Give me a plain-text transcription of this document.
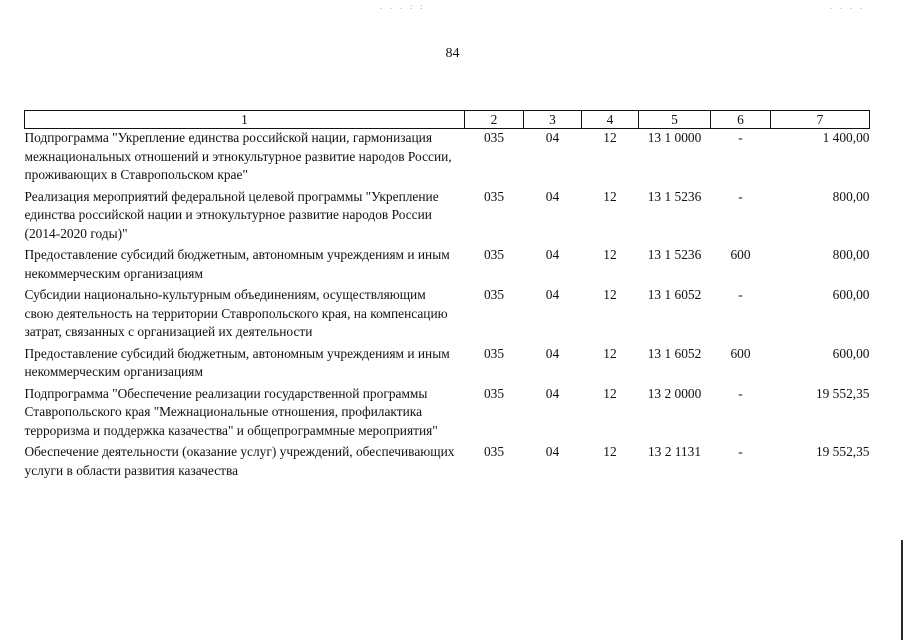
. . . : :	. . . .
84
1	2	3	4	5	6	7
Подпрограмма "Укрепление единства российской нации, гармонизация межнациональных отношений и этнокультурное развитие народов России, проживающих в Ставропольском крае"	035	04	12	13 1 0000	-	1 400,00
Реализация мероприятий федеральной целевой программы "Укрепление единства российской нации и этнокультурное развитие народов России (2014-2020 годы)"	035	04	12	13 1 5236	-	800,00
Предоставление субсидий бюджетным, автономным учреждениям и иным некоммерческим организациям	035	04	12	13 1 5236	600	800,00
Субсидии национально-культурным объединениям, осуществляющим свою деятельность на территории Ставропольского края, на компенсацию затрат, связанных с организацией их деятельности	035	04	12	13 1 6052	-	600,00
Предоставление субсидий бюджетным, автономным учреждениям и иным некоммерческим организациям	035	04	12	13 1 6052	600	600,00
Подпрограмма "Обеспечение реализации государственной программы Ставропольского края "Межнациональные отношения, профилактика терроризма и поддержка казачества" и общепрограммные мероприятия"	035	04	12	13 2 0000	-	19 552,35
Обеспечение деятельности (оказание услуг) учреждений, обеспечивающих услуги в области развития казачества	035	04	12	13 2 1131	-	19 552,35
